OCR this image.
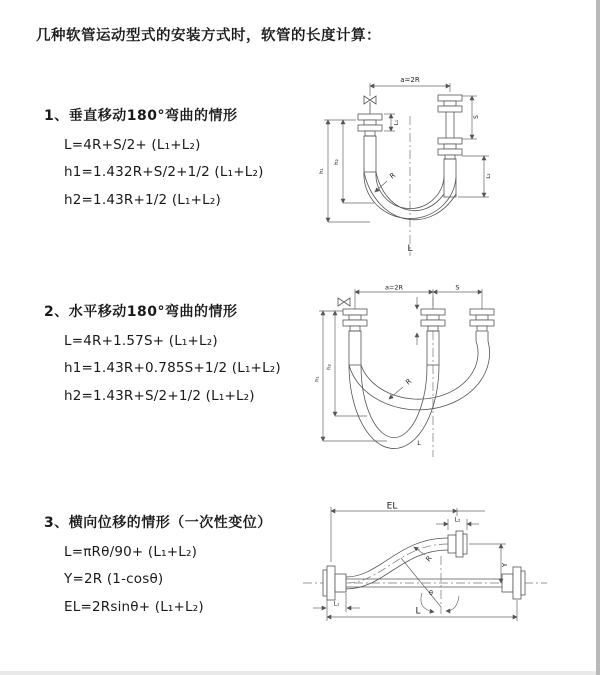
几种软管运动型式的安装方式时，软管的长度计算：

1、垂直移动180°弯曲的情形

L=4R+S/2+ (L₁+L₂)

h1=1.432R+S/2+1/2 (L₁+L₂)

h2=1.43R+1/2 (L₁+L₂)

2、水平移动180°弯曲的情形

L=4R+1.57S+ (L₁+L₂)

h1=1.43R+0.785S+1/2 (L₁+L₂)

h2=1.43R+S/2+1/2 (L₁+L₂)

3、横向位移的情形（一次性变位）

L=πRθ/90+ (L₁+L₂)

Y=2R (1-cosθ)

EL=2Rsinθ+ (L₁+L₂)

a=2R
L₁
S
L₂
h₁
h₂
R
L
a=2R	S
h₁
h₂
R
L
L₂
EL
Y
R
θ
L₁
L
